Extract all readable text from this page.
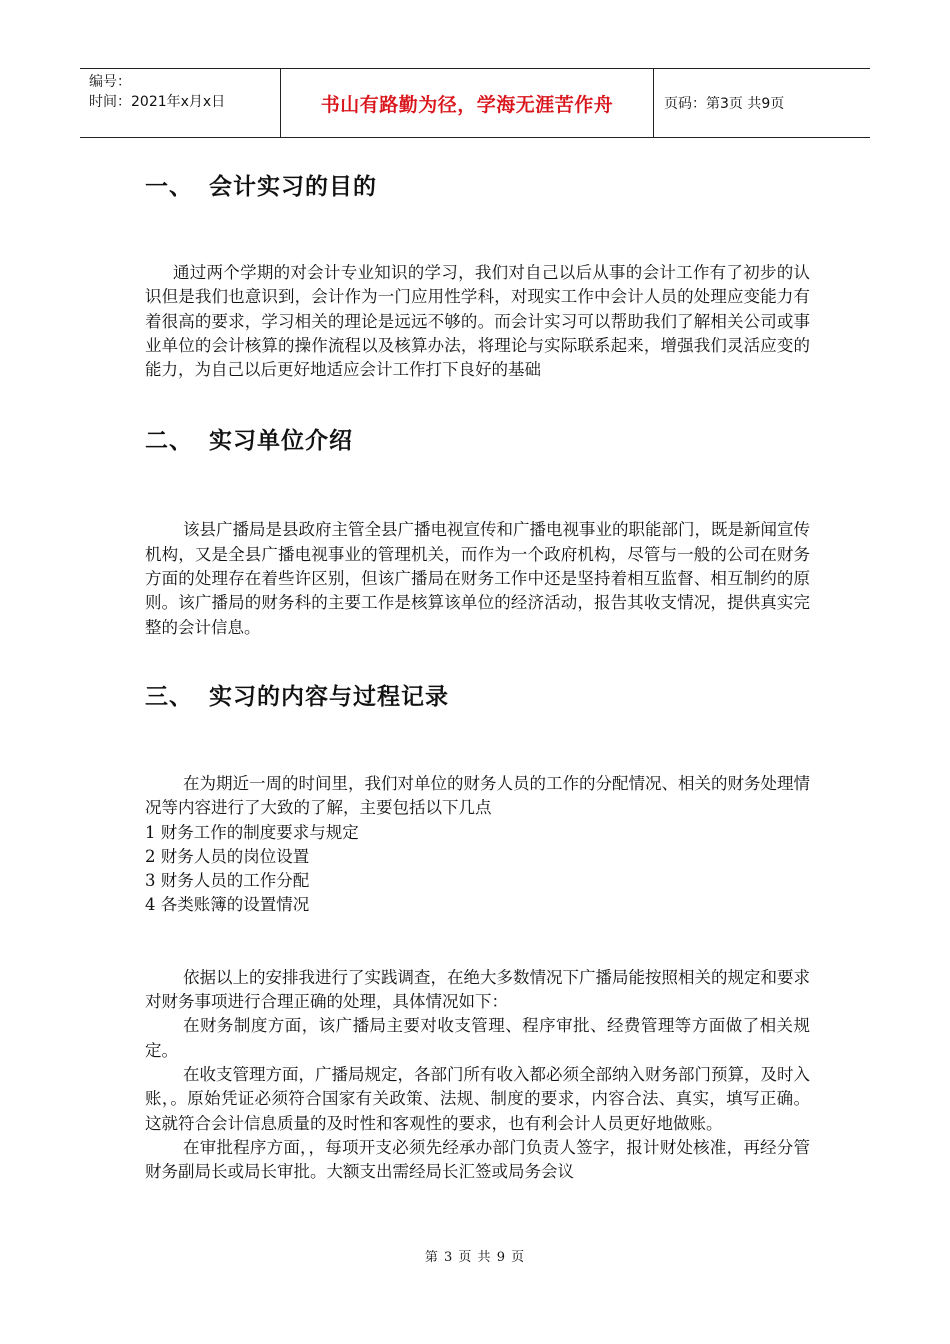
编号：
时间：2021年x月x日	书山有路勤为径，学海无涯苦作舟	页码：第3页 共9页
一、 会计实习的目的

通过两个学期的对会计专业知识的学习，我们对自己以后从事的会计工作有了初步的认识但是我们也意识到，会计作为一门应用性学科，对现实工作中会计人员的处理应变能力有着很高的要求，学习相关的理论是远远不够的。而会计实习可以帮助我们了解相关公司或事业单位的会计核算的操作流程以及核算办法，将理论与实际联系起来，增强我们灵活应变的能力，为自己以后更好地适应会计工作打下良好的基础

二、 实习单位介绍

该县广播局是县政府主管全县广播电视宣传和广播电视事业的职能部门，既是新闻宣传机构，又是全县广播电视事业的管理机关，而作为一个政府机构，尽管与一般的公司在财务方面的处理存在着些许区别，但该广播局在财务工作中还是坚持着相互监督、相互制约的原则。该广播局的财务科的主要工作是核算该单位的经济活动，报告其收支情况，提供真实完整的会计信息。

三、 实习的内容与过程记录

在为期近一周的时间里，我们对单位的财务人员的工作的分配情况、相关的财务处理情况等内容进行了大致的了解，主要包括以下几点

1 财务工作的制度要求与规定
2 财务人员的岗位设置
3 财务人员的工作分配
4 各类账簿的设置情况

依据以上的安排我进行了实践调查，在绝大多数情况下广播局能按照相关的规定和要求对财务事项进行合理正确的处理，具体情况如下：

在财务制度方面，该广播局主要对收支管理、程序审批、经费管理等方面做了相关规定。

在收支管理方面，广播局规定，各部门所有收入都必须全部纳入财务部门预算，及时入账，。原始凭证必须符合国家有关政策、法规、制度的要求，内容合法、真实，填写正确。这就符合会计信息质量的及时性和客观性的要求，也有利会计人员更好地做账。

在审批程序方面，，每项开支必须先经承办部门负责人签字，报计财处核准，再经分管财务副局长或局长审批。大额支出需经局长汇签或局务会议

第 3 页 共 9 页
